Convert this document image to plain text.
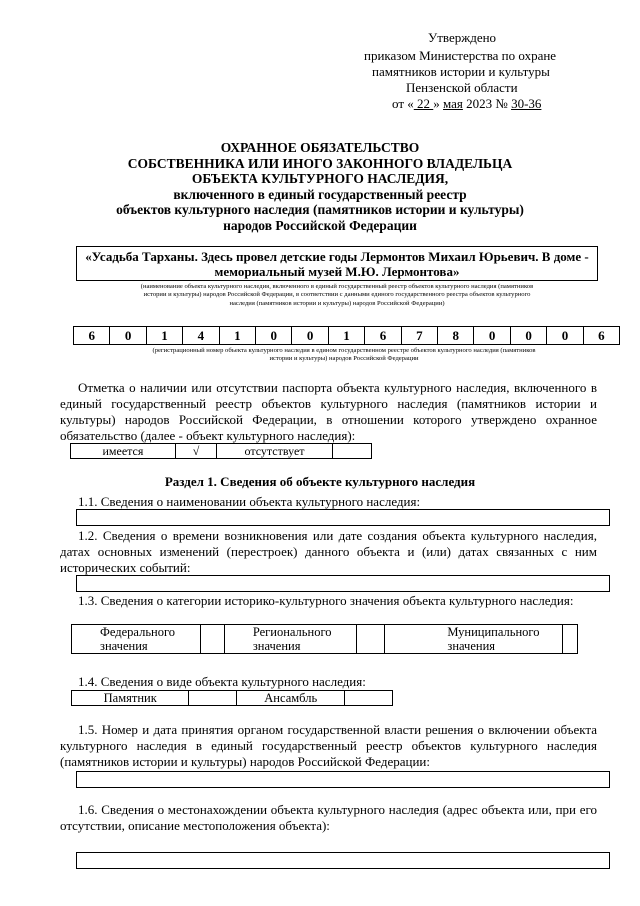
Утверждено
приказом Министерства по охране
памятников истории и культуры
Пензенской области
от « 22 » мая 2023 № 30-36
ОХРАННОЕ ОБЯЗАТЕЛЬСТВО
СОБСТВЕННИКА ИЛИ ИНОГО ЗАКОННОГО ВЛАДЕЛЬЦА
ОБЪЕКТА КУЛЬТУРНОГО НАСЛЕДИЯ,
включенного в единый государственный реестр
объектов культурного наследия (памятников истории и культуры)
народов Российской Федерации
«Усадьба Тарханы. Здесь провел детские годы Лермонтов Михаил Юрьевич. В доме -
мемориальный музей М.Ю. Лермонтова»
(наименование объекта культурного наследия, включенного в единый государственный реестр объектов культурного наследия (памятников
истории и культуры) народов Российской Федерации, в соответствии с данными единого государственного реестра объектов культурного
наследия (памятников истории и культуры) народов Российской Федерации)
6	0	1	4	1	0	0	1	6	7	8	0	0	0	6
(регистрационный номер объекта культурного наследия в едином государственном реестре объектов культурного наследия (памятников
истории и культуры) народов Российской Федерации
Отметка о наличии или отсутствии паспорта объекта культурного наследия, включенного в единый государственный реестр объектов культурного наследия (памятников истории и культуры) народов Российской Федерации, в отношении которого утверждено охранное обязательство (далее - объект культурного наследия):
имеется	√	отсутствует	
Раздел 1. Сведения об объекте культурного наследия
1.1. Сведения о наименовании объекта культурного наследия:
1.2. Сведения о времени возникновения или дате создания объекта культурного наследия, датах основных изменений (перестроек) данного объекта и (или) датах связанных с ним исторических событий:
1.3. Сведения о категории историко-культурного значения объекта культурного наследия:
Федерального значения		Регионального значения		Муниципального значения	
1.4. Сведения о виде объекта культурного наследия:
Памятник		Ансамбль	
1.5. Номер и дата принятия органом государственной власти решения о включении объекта культурного наследия в единый государственный реестр объектов культурного наследия (памятников истории и культуры) народов Российской Федерации:
1.6. Сведения о местонахождении объекта культурного наследия (адрес объекта или, при его отсутствии, описание местоположения объекта):
